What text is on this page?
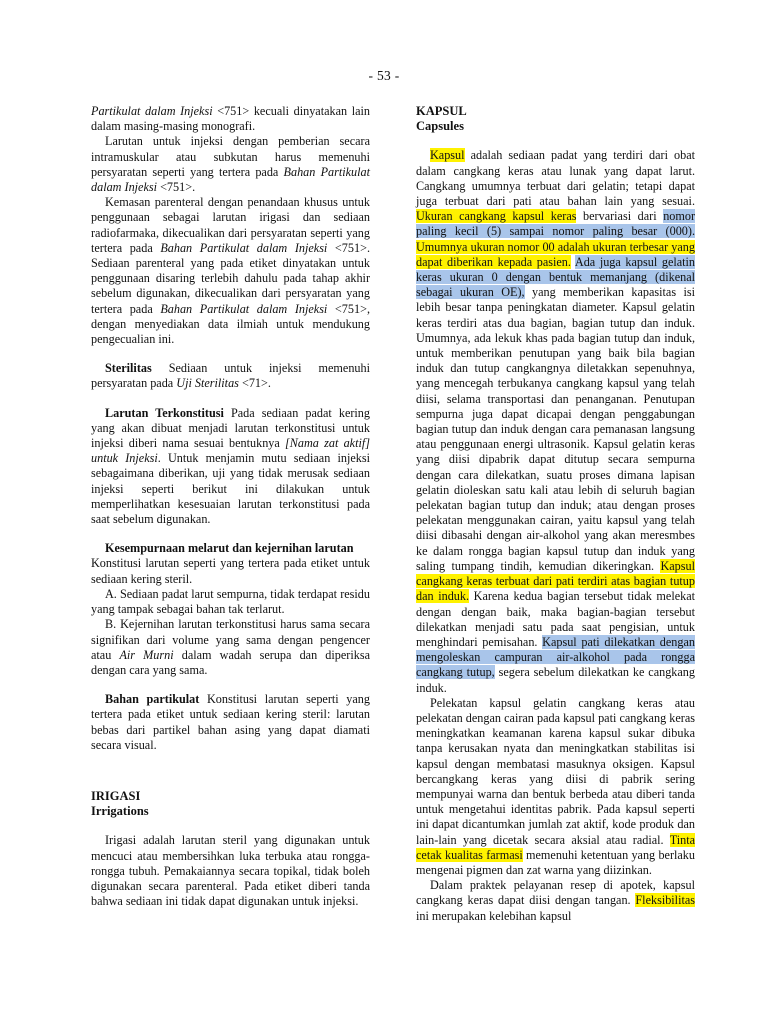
- 53 -

Partikulat dalam Injeksi <751> kecuali dinyatakan lain dalam masing-masing monografi.

Larutan untuk injeksi dengan pemberian secara intramuskular atau subkutan harus memenuhi persyaratan seperti yang tertera pada Bahan Partikulat dalam Injeksi <751>.

Kemasan parenteral dengan penandaan khusus untuk penggunaan sebagai larutan irigasi dan sediaan radiofarmaka, dikecualikan dari persyaratan seperti yang tertera pada Bahan Partikulat dalam Injeksi <751>. Sediaan parenteral yang pada etiket dinyatakan untuk penggunaan disaring terlebih dahulu pada tahap akhir sebelum digunakan, dikecualikan dari persyaratan yang tertera pada Bahan Partikulat dalam Injeksi <751>, dengan menyediakan data ilmiah untuk mendukung pengecualian ini.

Sterilitas Sediaan untuk injeksi memenuhi persyaratan pada Uji Sterilitas <71>.

Larutan Terkonstitusi Pada sediaan padat kering yang akan dibuat menjadi larutan terkonstitusi untuk injeksi diberi nama sesuai bentuknya [Nama zat aktif] untuk Injeksi. Untuk menjamin mutu sediaan injeksi sebagaimana diberikan, uji yang tidak merusak sediaan injeksi seperti berikut ini dilakukan untuk memperlihatkan kesesuaian larutan terkonstitusi pada saat sebelum digunakan.

Kesempurnaan melarut dan kejernihan larutan

Konstitusi larutan seperti yang tertera pada etiket untuk sediaan kering steril.

A. Sediaan padat larut sempurna, tidak terdapat residu yang tampak sebagai bahan tak terlarut.

B. Kejernihan larutan terkonstitusi harus sama secara signifikan dari volume yang sama dengan pengencer atau Air Murni dalam wadah serupa dan diperiksa dengan cara yang sama.

Bahan partikulat Konstitusi larutan seperti yang tertera pada etiket untuk sediaan kering steril: larutan bebas dari partikel bahan asing yang dapat diamati secara visual.

IRIGASI
Irrigations

Irigasi adalah larutan steril yang digunakan untuk mencuci atau membersihkan luka terbuka atau rongga-rongga tubuh. Pemakaiannya secara topikal, tidak boleh digunakan secara parenteral. Pada etiket diberi tanda bahwa sediaan ini tidak dapat digunakan untuk injeksi.

KAPSUL
Capsules

Kapsul adalah sediaan padat yang terdiri dari obat dalam cangkang keras atau lunak yang dapat larut. Cangkang umumnya terbuat dari gelatin; tetapi dapat juga terbuat dari pati atau bahan lain yang sesuai. Ukuran cangkang kapsul keras bervariasi dari nomor paling kecil (5) sampai nomor paling besar (000). Umumnya ukuran nomor 00 adalah ukuran terbesar yang dapat diberikan kepada pasien. Ada juga kapsul gelatin keras ukuran 0 dengan bentuk memanjang (dikenal sebagai ukuran OE), yang memberikan kapasitas isi lebih besar tanpa peningkatan diameter. Kapsul gelatin keras terdiri atas dua bagian, bagian tutup dan induk. Umumnya, ada lekuk khas pada bagian tutup dan induk, untuk memberikan penutupan yang baik bila bagian induk dan tutup cangkangnya diletakkan sepenuhnya, yang mencegah terbukanya cangkang kapsul yang telah diisi, selama transportasi dan penanganan. Penutupan sempurna juga dapat dicapai dengan penggabungan bagian tutup dan induk dengan cara pemanasan langsung atau penggunaan energi ultrasonik. Kapsul gelatin keras yang diisi dipabrik dapat ditutup secara sempurna dengan cara dilekatkan, suatu proses dimana lapisan gelatin dioleskan satu kali atau lebih di seluruh bagian pelekatan bagian tutup dan induk; atau dengan proses pelekatan menggunakan cairan, yaitu kapsul yang telah diisi dibasahi dengan air-alkohol yang akan meresmbes ke dalam rongga bagian kapsul tutup dan induk yang saling tumpang tindih, kemudian dikeringkan. Kapsul cangkang keras terbuat dari pati terdiri atas bagian tutup dan induk. Karena kedua bagian tersebut tidak melekat dengan dengan baik, maka bagian-bagian tersebut dilekatkan menjadi satu pada saat pengisian, untuk menghindari pemisahan. Kapsul pati dilekatkan dengan mengoleskan campuran air-alkohol pada rongga cangkang tutup, segera sebelum dilekatkan ke cangkang induk.

Pelekatan kapsul gelatin cangkang keras atau pelekatan dengan cairan pada kapsul pati cangkang keras meningkatkan keamanan karena kapsul sukar dibuka tanpa kerusakan nyata dan meningkatkan stabilitas isi kapsul dengan membatasi masuknya oksigen. Kapsul bercangkang keras yang diisi di pabrik sering mempunyai warna dan bentuk berbeda atau diberi tanda untuk mengetahui identitas pabrik. Pada kapsul seperti ini dapat dicantumkan jumlah zat aktif, kode produk dan lain-lain yang dicetak secara aksial atau radial. Tinta cetak kualitas farmasi memenuhi ketentuan yang berlaku mengenai pigmen dan zat warna yang diizinkan.

Dalam praktek pelayanan resep di apotek, kapsul cangkang keras dapat diisi dengan tangan. Fleksibilitas ini merupakan kelebihan kapsul
